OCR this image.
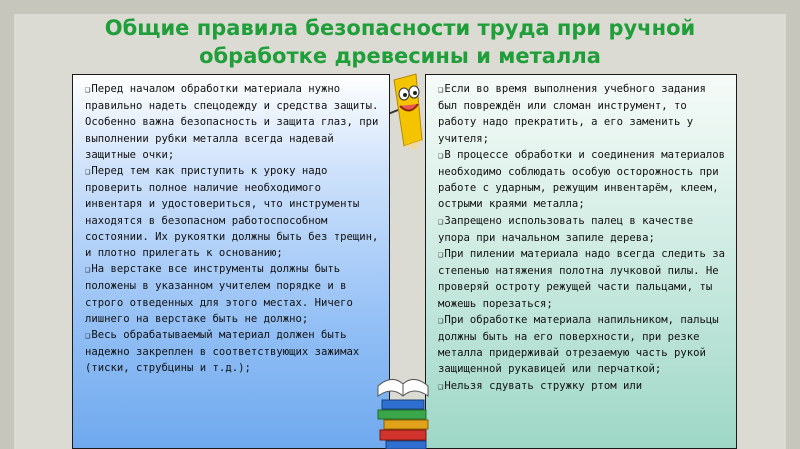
Общие правила безопасности труда при ручной
обработке древесины и металла

❑Перед началом обработки материала нужно правильно надеть спецодежду и средства защиты. Особенно важна безопасность и защита глаз, при выполнении рубки металла всегда надевай защитные очки;

❑Перед тем как приступить к уроку надо проверить полное наличие необходимого инвентаря и удостовериться, что инструменты находятся в безопасном работоспособном состоянии. Их рукоятки должны быть без трещин, и плотно прилегать к основанию;

❑На верстаке все инструменты должны быть положены в указанном учителем порядке и в строго отведенных для этого местах. Ничего лишнего на верстаке быть не должно;

❑Весь обрабатываемый материал должен быть надежно закреплен в соответствующих зажимах (тиски, струбцины и т.д.);

❑Если во время выполнения учебного задания был повреждён или сломан инструмент, то работу надо прекратить, а его заменить у учителя;

❑В процессе обработки и соединения материалов необходимо соблюдать особую осторожность при работе с ударным, режущим инвентарём, клеем, острыми краями металла;

❑Запрещено использовать палец в качестве упора при начальном запиле дерева;

❑При пилении материала надо всегда следить за степенью натяжения полотна лучковой пилы. Не проверяй остроту режущей части пальцами, ты можешь порезаться;

❑При обработке материала напильником, пальцы должны быть на его поверхности, при резке металла придерживай отрезаемую часть рукой защищенной рукавицей или перчаткой;

❑Нельзя сдувать стружку ртом или
